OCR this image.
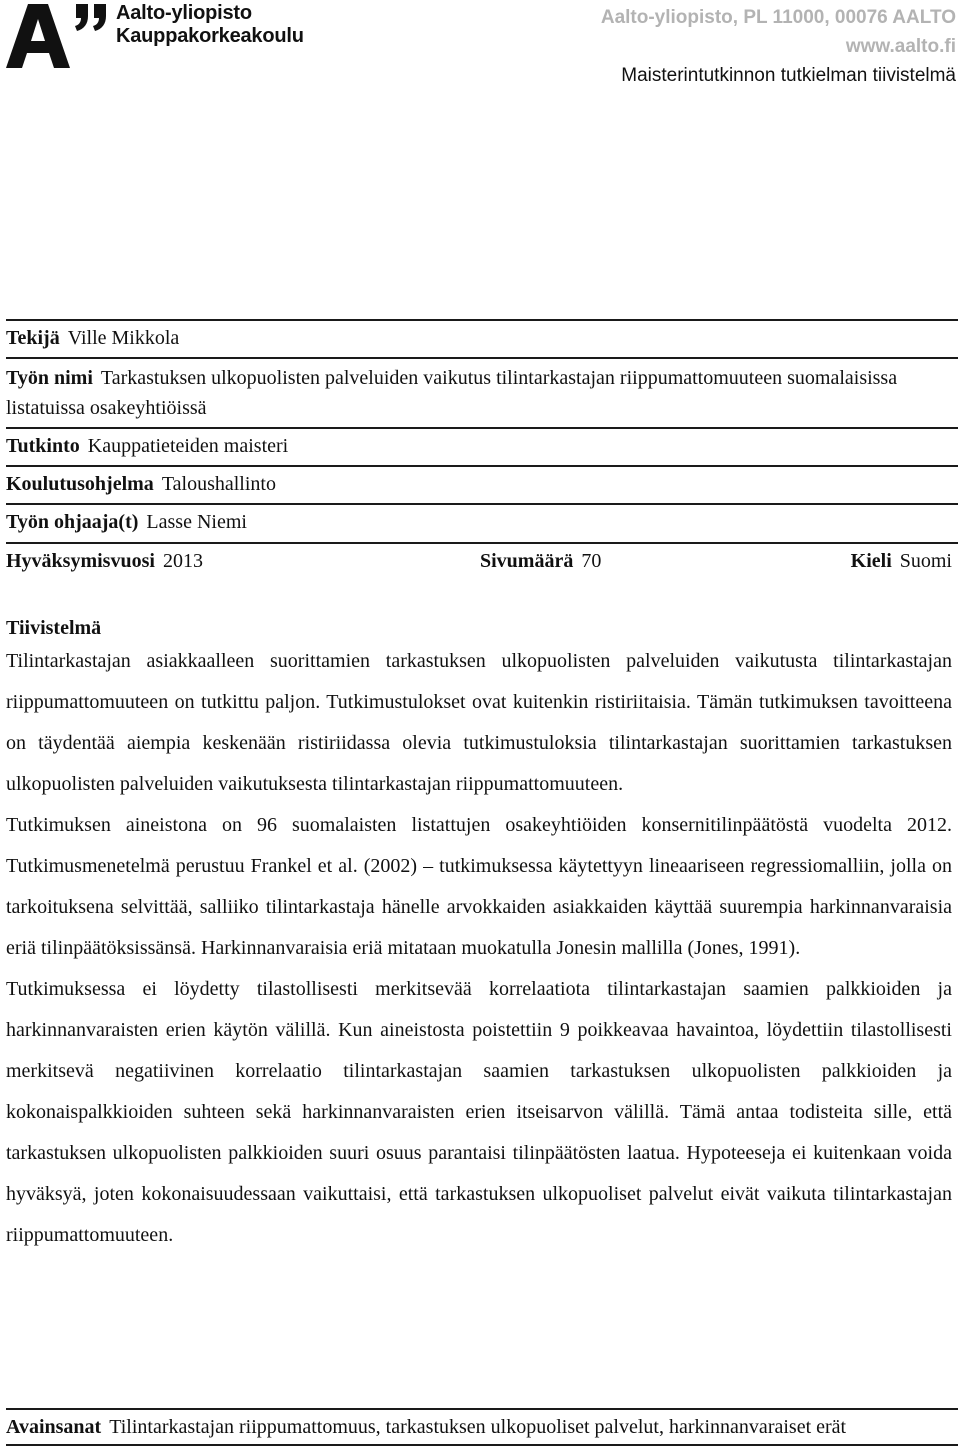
Aalto-yliopisto
Kauppakorkeakoulu
Aalto-yliopisto, PL 11000, 00076 AALTO
www.aalto.fi
Maisterintutkinnon tutkielman tiivistelmä
Tekijä Ville Mikkola
Työn nimi Tarkastuksen ulkopuolisten palveluiden vaikutus tilintarkastajan riippumattomuuteen suomalaisissa listatuissa osakeyhtiöissä
Tutkinto Kauppatieteiden maisteri
Koulutusohjelma Taloushallinto
Työn ohjaaja(t) Lasse Niemi
Hyväksymisvuosi 2013	Sivumäärä 70	Kieli Suomi
Tiivistelmä

Tilintarkastajan asiakkaalleen suorittamien tarkastuksen ulkopuolisten palveluiden vaikutusta tilintarkastajan riippumattomuuteen on tutkittu paljon. Tutkimustulokset ovat kuitenkin ristiriitaisia. Tämän tutkimuksen tavoitteena on täydentää aiempia keskenään ristiriidassa olevia tutkimustuloksia tilintarkastajan suorittamien tarkastuksen ulkopuolisten palveluiden vaikutuksesta tilintarkastajan riippumattomuuteen.

Tutkimuksen aineistona on 96 suomalaisten listattujen osakeyhtiöiden konsernitilinpäätöstä vuodelta 2012. Tutkimusmenetelmä perustuu Frankel et al. (2002) – tutkimuksessa käytettyyn lineaariseen regressiomalliin, jolla on tarkoituksena selvittää, salliiko tilintarkastaja hänelle arvokkaiden asiakkaiden käyttää suurempia harkinnanvaraisia eriä tilinpäätöksissänsä. Harkinnanvaraisia eriä mitataan muokatulla Jonesin mallilla (Jones, 1991).

Tutkimuksessa ei löydetty tilastollisesti merkitsevää korrelaatiota tilintarkastajan saamien palkkioiden ja harkinnanvaraisten erien käytön välillä. Kun aineistosta poistettiin 9 poikkeavaa havaintoa, löydettiin tilastollisesti merkitsevä negatiivinen korrelaatio tilintarkastajan saamien tarkastuksen ulkopuolisten palkkioiden ja kokonaispalkkioiden suhteen sekä harkinnanvaraisten erien itseisarvon välillä. Tämä antaa todisteita sille, että tarkastuksen ulkopuolisten palkkioiden suuri osuus parantaisi tilinpäätösten laatua. Hypoteeseja ei kuitenkaan voida hyväksyä, joten kokonaisuudessaan vaikuttaisi, että tarkastuksen ulkopuoliset palvelut eivät vaikuta tilintarkastajan riippumattomuuteen.

Avainsanat Tilintarkastajan riippumattomuus, tarkastuksen ulkopuoliset palvelut, harkinnanvaraiset erät
